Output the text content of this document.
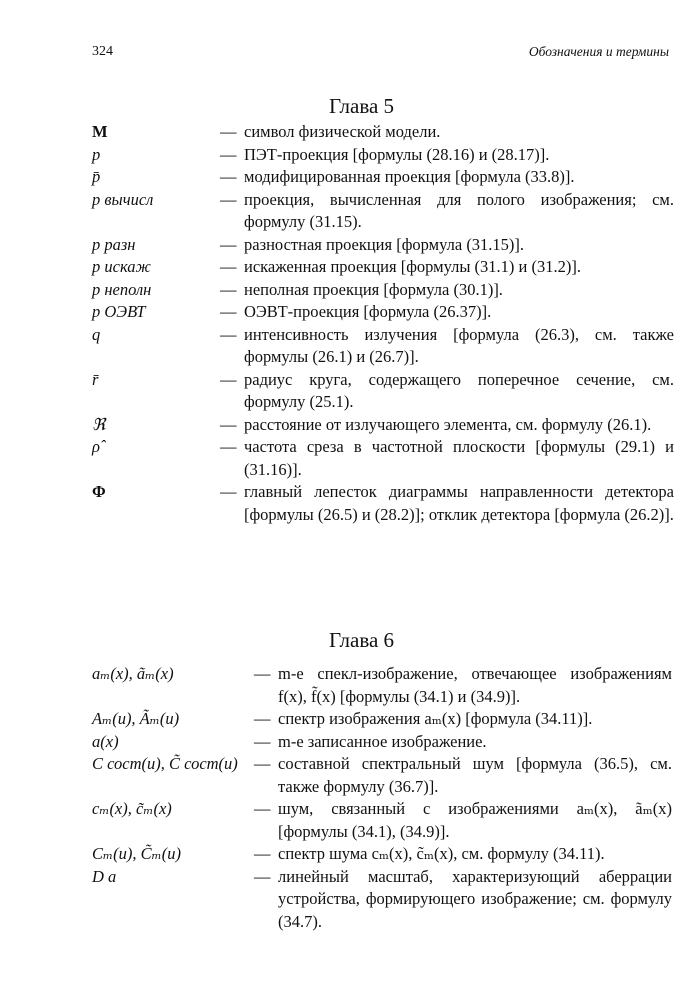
324	Обозначения и термины
Глава 5
M	— символ физической модели.
p	— ПЭТ-проекция [формулы (28.16) и (28.17)].
p̄	— модифицированная проекция [формула (33.8)].
p вычисл	— проекция, вычисленная для полого изображения; см. формулу (31.15).
p разн	— разностная проекция [формула (31.15)].
p искаж	— искаженная проекция [формулы (31.1) и (31.2)].
p неполн	— неполная проекция [формула (30.1)].
p ОЭВТ	— ОЭВТ-проекция [формула (26.37)].
q	— интенсивность излучения [формула (26.3), см. также формулы (26.1) и (26.7)].
r̄	— радиус круга, содержащего поперечное сечение, см. формулу (25.1).
ℜ	— расстояние от излучающего элемента, см. формулу (26.1).
ρ̂	— частота среза в частотной плоскости [формулы (29.1) и (31.16)].
Φ	— главный лепесток диаграммы направленности детектора [формулы (26.5) и (28.2)]; отклик детектора [формула (26.2)].
Глава 6
aₘ(x), ãₘ(x)	— m-е спекл-изображение, отвечающее изображениям f(x), f̃(x) [формулы (34.1) и (34.9)].
Aₘ(u), Ãₘ(u)	— спектр изображения aₘ(x) [формула (34.11)].
a(x)	— m-е записанное изображение.
C сост(u), C̃ сост(u) — составной спектральный шум [формула (36.5), см. также формулу (36.7)].
cₘ(x), c̃ₘ(x)	— шум, связанный с изображениями aₘ(x), ãₘ(x) [формулы (34.1), (34.9)].
Cₘ(u), C̃ₘ(u)	— спектр шума cₘ(x), c̃ₘ(x), см. формулу (34.11).
D a	— линейный масштаб, характеризующий аберрации устройства, формирующего изображение; см. формулу (34.7).
